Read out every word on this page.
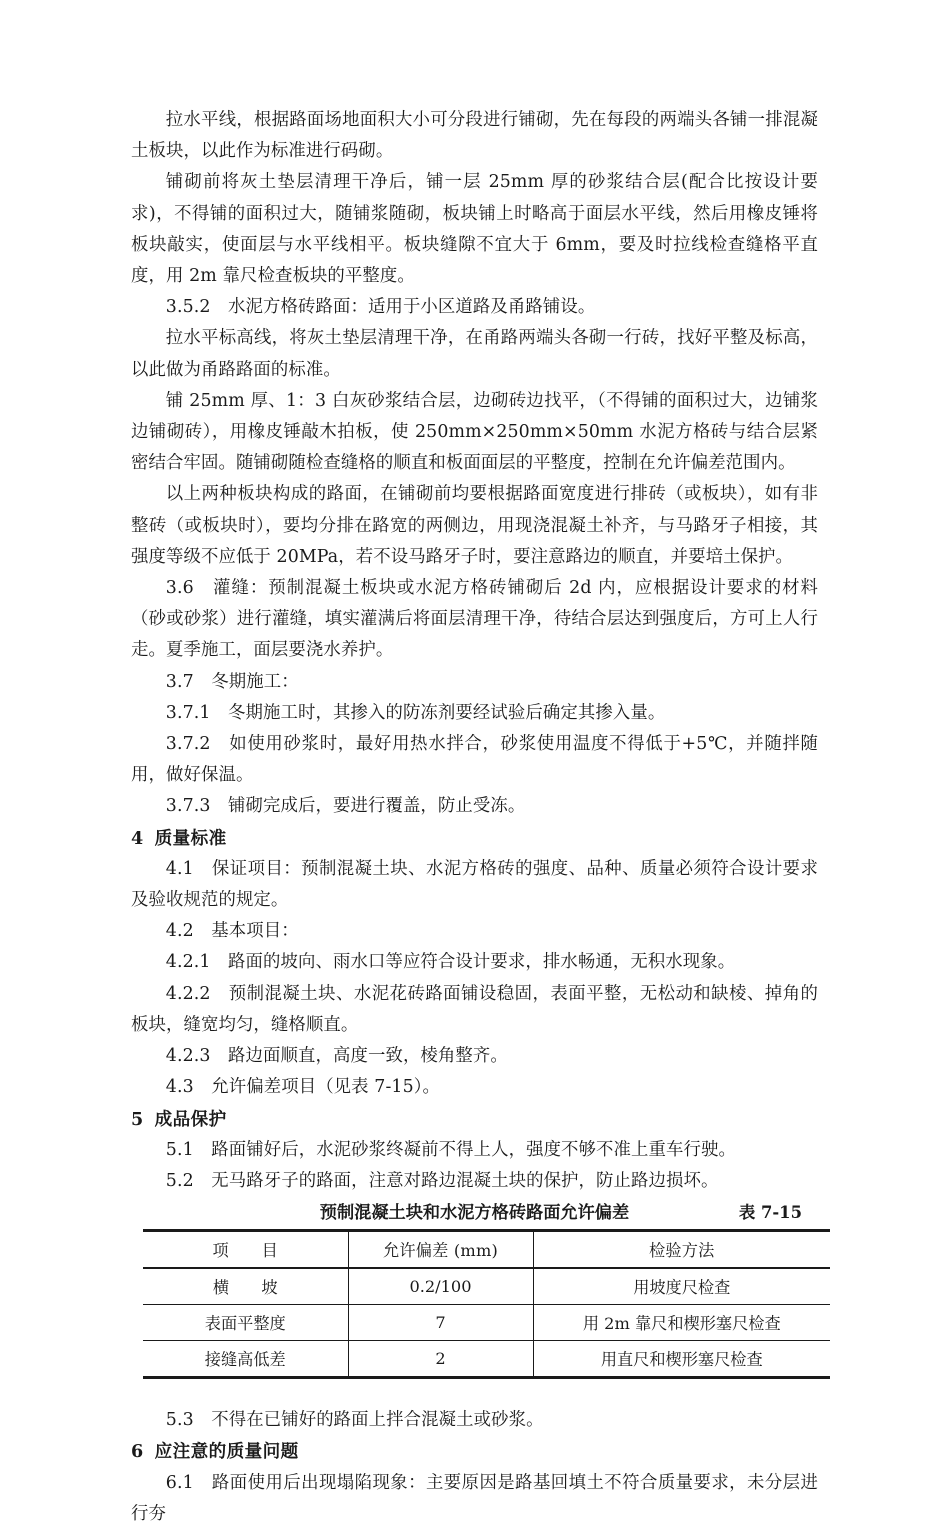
拉水平线，根据路面场地面积大小可分段进行铺砌，先在每段的两端头各铺一排混凝土板块，以此作为标准进行码砌。

铺砌前将灰土垫层清理干净后，铺一层 25mm 厚的砂浆结合层(配合比按设计要求)，不得铺的面积过大，随铺浆随砌，板块铺上时略高于面层水平线，然后用橡皮锤将板块敲实，使面层与水平线相平。板块缝隙不宜大于 6mm，要及时拉线检查缝格平直度，用 2m 靠尺检查板块的平整度。

3.5.2　水泥方格砖路面：适用于小区道路及甬路铺设。

拉水平标高线，将灰土垫层清理干净，在甬路两端头各砌一行砖，找好平整及标高，以此做为甬路路面的标准。

铺 25mm 厚、1：3 白灰砂浆结合层，边砌砖边找平，（不得铺的面积过大，边铺浆边铺砌砖），用橡皮锤敲木拍板，使 250mm×250mm×50mm 水泥方格砖与结合层紧密结合牢固。随铺砌随检查缝格的顺直和板面面层的平整度，控制在允许偏差范围内。

以上两种板块构成的路面，在铺砌前均要根据路面宽度进行排砖（或板块），如有非整砖（或板块时），要均分排在路宽的两侧边，用现浇混凝土补齐，与马路牙子相接，其强度等级不应低于 20MPa，若不设马路牙子时，要注意路边的顺直，并要培土保护。

3.6　灌缝：预制混凝土板块或水泥方格砖铺砌后 2d 内，应根据设计要求的材料（砂或砂浆）进行灌缝，填实灌满后将面层清理干净，待结合层达到强度后，方可上人行走。夏季施工，面层要浇水养护。

3.7　冬期施工：

3.7.1　冬期施工时，其掺入的防冻剂要经试验后确定其掺入量。

3.7.2　如使用砂浆时，最好用热水拌合，砂浆使用温度不得低于+5℃，并随拌随用，做好保温。

3.7.3　铺砌完成后，要进行覆盖，防止受冻。

4 质量标准

4.1　保证项目：预制混凝土块、水泥方格砖的强度、品种、质量必须符合设计要求及验收规范的规定。

4.2　基本项目：

4.2.1　路面的坡向、雨水口等应符合设计要求，排水畅通，无积水现象。

4.2.2　预制混凝土块、水泥花砖路面铺设稳固，表面平整，无松动和缺棱、掉角的板块，缝宽均匀，缝格顺直。

4.2.3　路边面顺直，高度一致，棱角整齐。

4.3　允许偏差项目（见表 7-15）。

5 成品保护

5.1　路面铺好后，水泥砂浆终凝前不得上人，强度不够不准上重车行驶。

5.2　无马路牙子的路面，注意对路边混凝土块的保护，防止路边损坏。

预制混凝土块和水泥方格砖路面允许偏差	表 7-15
项　　目	允许偏差 (mm)	检验方法
横　　坡	0.2/100	用坡度尺检查
表面平整度	7	用 2m 靠尺和楔形塞尺检查
接缝高低差	2	用直尺和楔形塞尺检查

5.3　不得在已铺好的路面上拌合混凝土或砂浆。

6 应注意的质量问题

6.1　路面使用后出现塌陷现象：主要原因是路基回填土不符合质量要求，未分层进行夯
